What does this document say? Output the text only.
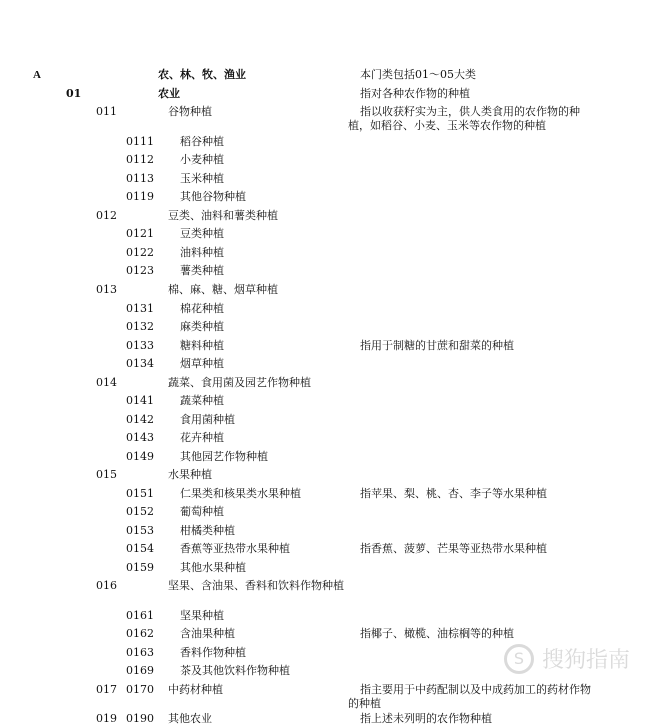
A	农、林、牧、渔业	本门类包括01～05大类
01	农业	指对各种农作物的种植
011	谷物种植	指以收获籽实为主，供人类食用的农作物的种植，如稻谷、小麦、玉米等农作物的种植
0111 稻谷种植
0112 小麦种植
0113 玉米种植
0119 其他谷物种植
012	豆类、油料和薯类种植
0121 豆类种植
0122 油料种植
0123 薯类种植
013	棉、麻、糖、烟草种植
0131 棉花种植
0132 麻类种植
0133 糖料种植	指用于制糖的甘蔗和甜菜的种植
0134 烟草种植
014	蔬菜、食用菌及园艺作物种植
0141 蔬菜种植
0142 食用菌种植
0143 花卉种植
0149 其他园艺作物种植
015	水果种植
0151 仁果类和核果类水果种植	指苹果、梨、桃、杏、李子等水果种植
0152 葡萄种植
0153 柑橘类种植
0154 香蕉等亚热带水果种植	指香蕉、菠萝、芒果等亚热带水果种植
0159 其他水果种植
016	坚果、含油果、香料和饮料作物种植
0161 坚果种植
0162 含油果种植	指椰子、橄榄、油棕榈等的种植
0163 香料作物种植
0169 茶及其他饮料作物种植
017 0170 中药材种植	指主要用于中药配制以及中成药加工的药材作物的种植
019 0190 其他农业	指上述未列明的农作物种植
S 搜狗指南
